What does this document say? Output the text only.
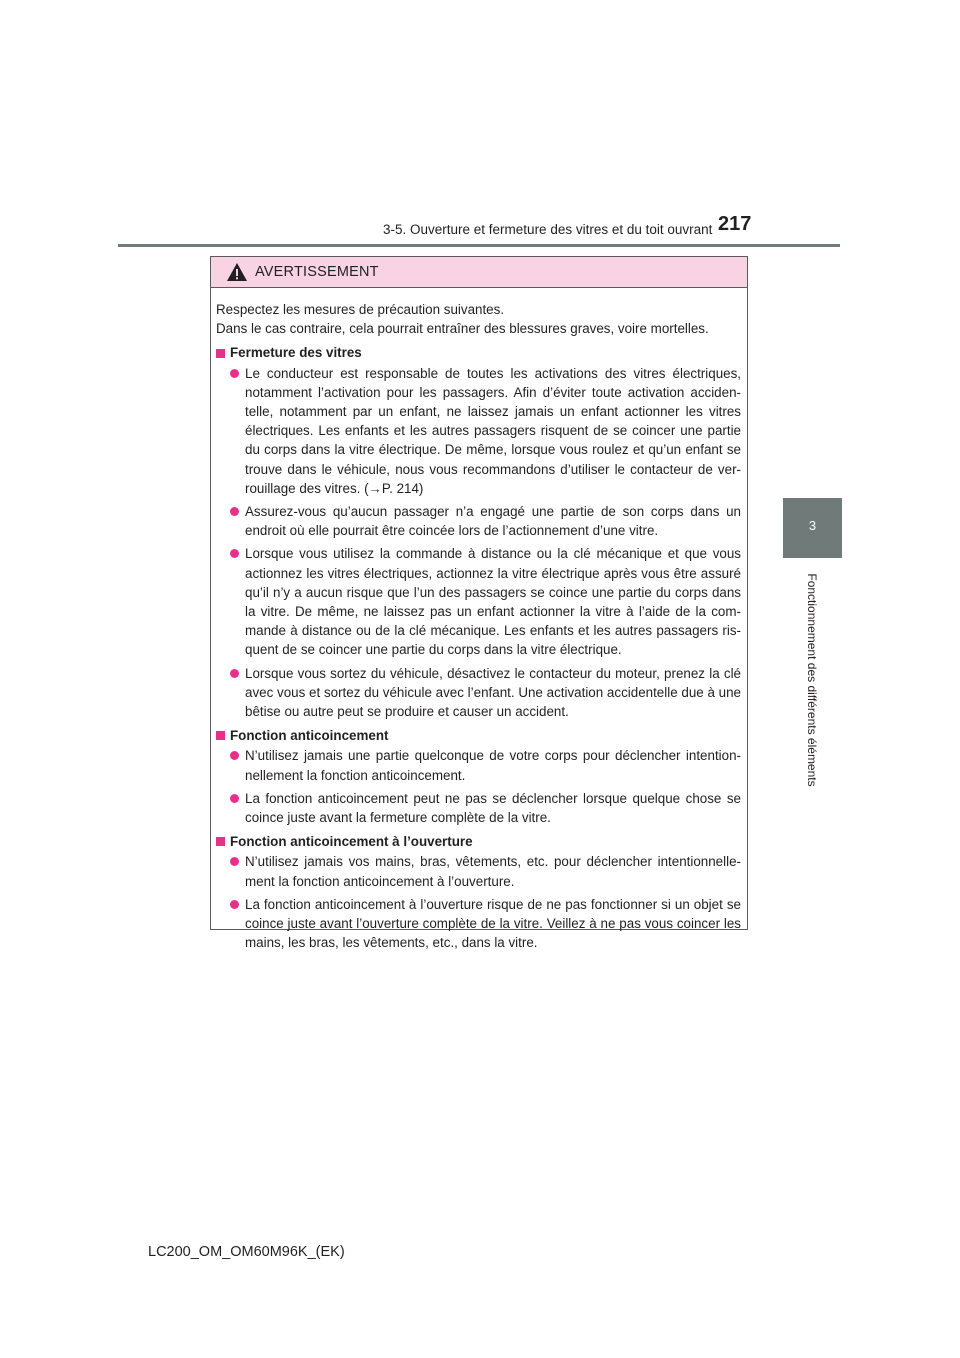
3-5. Ouverture et fermeture des vitres et du toit ouvrant 217
3
Fonctionnement des différents éléments
AVERTISSEMENT

Respectez les mesures de précaution suivantes.

Dans le cas contraire, cela pourrait entraîner des blessures graves, voire mortelles.

Fermeture des vitres
Le conducteur est responsable de toutes les activations des vitres électriques, notamment l’activation pour les passagers. Afin d’éviter toute activation acciden- telle, notamment par un enfant, ne laissez jamais un enfant actionner les vitres électriques. Les enfants et les autres passagers risquent de se coincer une partie du corps dans la vitre électrique. De même, lorsque vous roulez et qu’un enfant se trouve dans le véhicule, nous vous recommandons d’utiliser le contacteur de ver- rouillage des vitres. (→P. 214)
Assurez-vous qu’aucun passager n’a engagé une partie de son corps dans un endroit où elle pourrait être coincée lors de l’actionnement d’une vitre.
Lorsque vous utilisez la commande à distance ou la clé mécanique et que vous actionnez les vitres électriques, actionnez la vitre électrique après vous être assuré qu’il n’y a aucun risque que l’un des passagers se coince une partie du corps dans la vitre. De même, ne laissez pas un enfant actionner la vitre à l’aide de la com- mande à distance ou de la clé mécanique. Les enfants et les autres passagers ris- quent de se coincer une partie du corps dans la vitre électrique.
Lorsque vous sortez du véhicule, désactivez le contacteur du moteur, prenez la clé avec vous et sortez du véhicule avec l’enfant. Une activation accidentelle due à une bêtise ou autre peut se produire et causer un accident.
Fonction anticoincement
N’utilisez jamais une partie quelconque de votre corps pour déclencher intention- nellement la fonction anticoincement.
La fonction anticoincement peut ne pas se déclencher lorsque quelque chose se coince juste avant la fermeture complète de la vitre.
Fonction anticoincement à l’ouverture
N’utilisez jamais vos mains, bras, vêtements, etc. pour déclencher intentionnelle- ment la fonction anticoincement à l’ouverture.
La fonction anticoincement à l’ouverture risque de ne pas fonctionner si un objet se coince juste avant l’ouverture complète de la vitre. Veillez à ne pas vous coincer les mains, les bras, les vêtements, etc., dans la vitre.
LC200_OM_OM60M96K_(EK)
